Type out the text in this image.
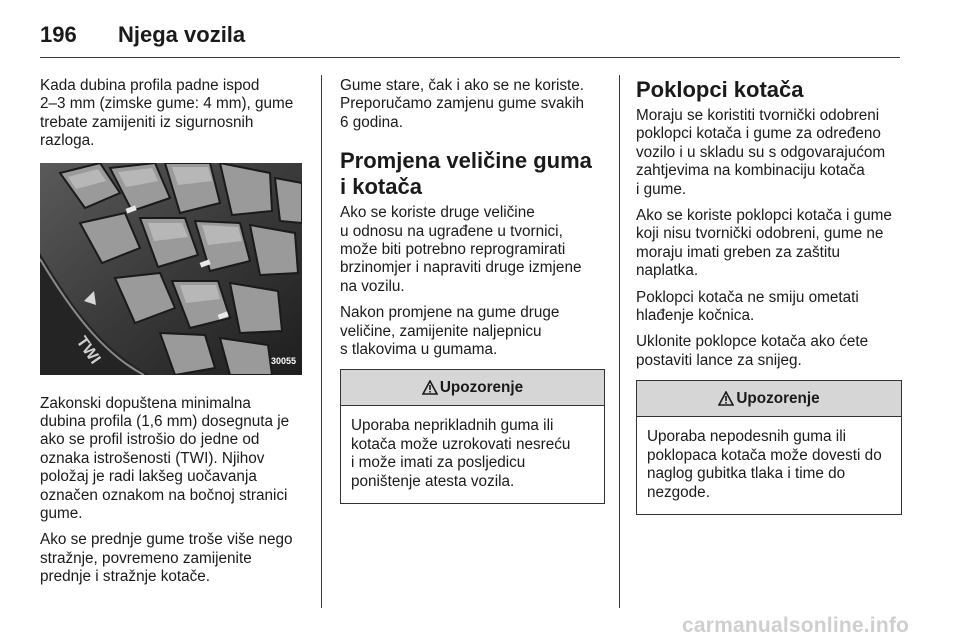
196 Njega vozila

Kada dubina profila padne ispod
2–3 mm (zimske gume: 4 mm), gume
trebate zamijeniti iz sigurnosnih
razloga.

TWI	30055

Zakonski dopuštena minimalna
dubina profila (1,6 mm) dosegnuta je
ako se profil istrošio do jedne od
oznaka istrošenosti (TWI). Njihov
položaj je radi lakšeg uočavanja
označen oznakom na bočnoj stranici
gume.

Ako se prednje gume troše više nego
stražnje, povremeno zamijenite
prednje i stražnje kotače.

Gume stare, čak i ako se ne koriste.
Preporučamo zamjenu gume svakih
6 godina.

Promjena veličine guma
i kotača

Ako se koriste druge veličine
u odnosu na ugrađene u tvornici,
može biti potrebno reprogramirati
brzinomjer i napraviti druge izmjene
na vozilu.

Nakon promjene na gume druge
veličine, zamijenite naljepnicu
s tlakovima u gumama.

Upozorenje
Uporaba neprikladnih guma ili
kotača može uzrokovati nesreću
i može imati za posljedicu
poništenje atesta vozila.
Poklopci kotača

Moraju se koristiti tvornički odobreni
poklopci kotača i gume za određeno
vozilo i u skladu su s odgovarajućom
zahtjevima na kombinaciju kotača
i gume.

Ako se koriste poklopci kotača i gume
koji nisu tvornički odobreni, gume ne
moraju imati greben za zaštitu
naplatka.

Poklopci kotača ne smiju ometati
hlađenje kočnica.

Uklonite poklopce kotača ako ćete
postaviti lance za snijeg.

Upozorenje
Uporaba nepodesnih guma ili
poklopaca kotača može dovesti do
naglog gubitka tlaka i time do
nezgode.
carmanualsonline.info
